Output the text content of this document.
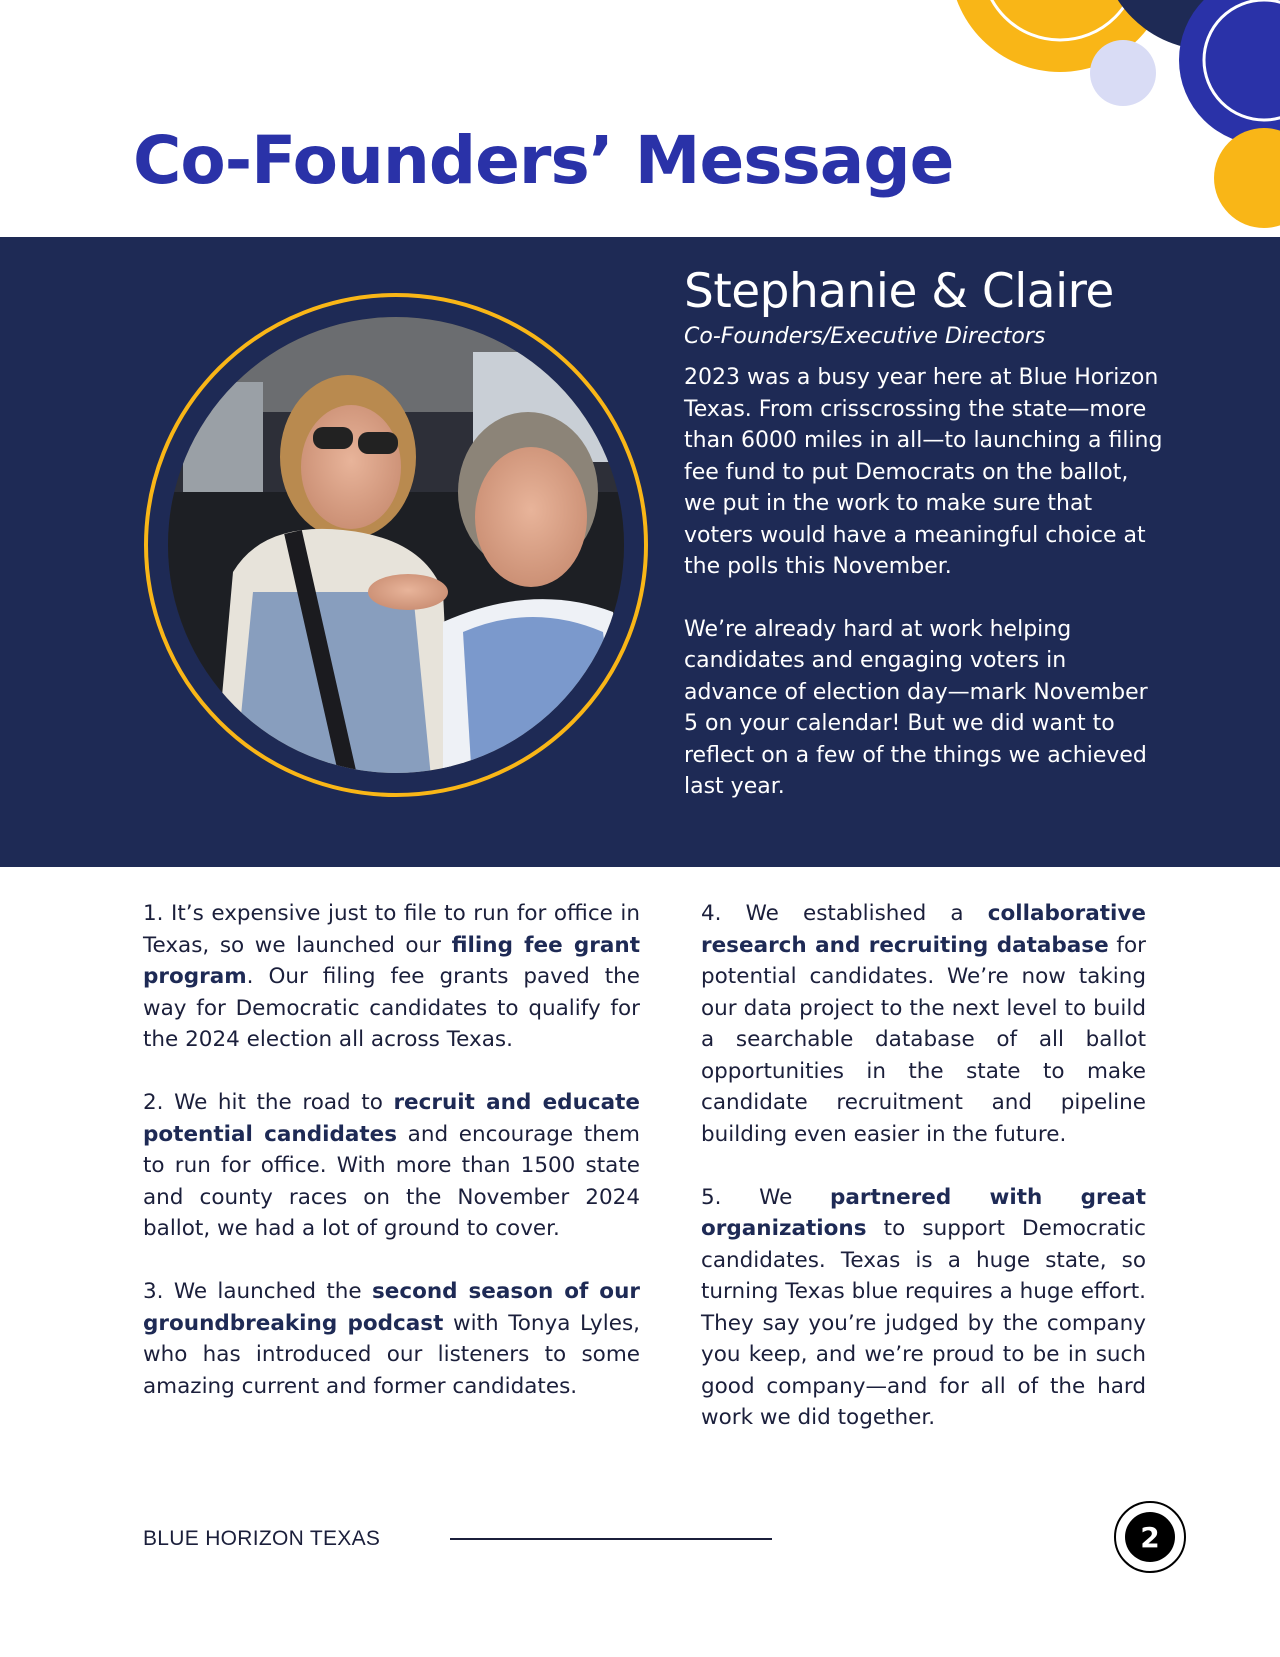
Co-Founders’ Message
Stephanie & Claire

Co-Founders/Executive Directors

2023 was a busy year here at Blue Horizon Texas. From crisscrossing the state—more than 6000 miles in all—to launching a filing fee fund to put Democrats on the ballot, we put in the work to make sure that voters would have a meaningful choice at the polls this November.

We’re already hard at work helping candidates and engaging voters in advance of election day—mark November 5 on your calendar! But we did want to reflect on a few of the things we achieved last year.

1. It’s expensive just to file to run for office in Texas, so we launched our filing fee grant program. Our filing fee grants paved the way for Democratic candidates to qualify for the 2024 election all across Texas.

2. We hit the road to recruit and educate potential candidates and encourage them to run for office. With more than 1500 state and county races on the November 2024 ballot, we had a lot of ground to cover.

3. We launched the second season of our groundbreaking podcast with Tonya Lyles, who has introduced our listeners to some amazing current and former candidates.

4. We established a collaborative research and recruiting database for potential candidates. We’re now taking our data project to the next level to build a searchable database of all ballot opportunities in the state to make candidate recruitment and pipeline building even easier in the future.

5. We partnered with great organizations to support Democratic candidates. Texas is a huge state, so turning Texas blue requires a huge effort. They say you’re judged by the company you keep, and we’re proud to be in such good company—and for all of the hard work we did together.

BLUE HORIZON TEXAS	2
